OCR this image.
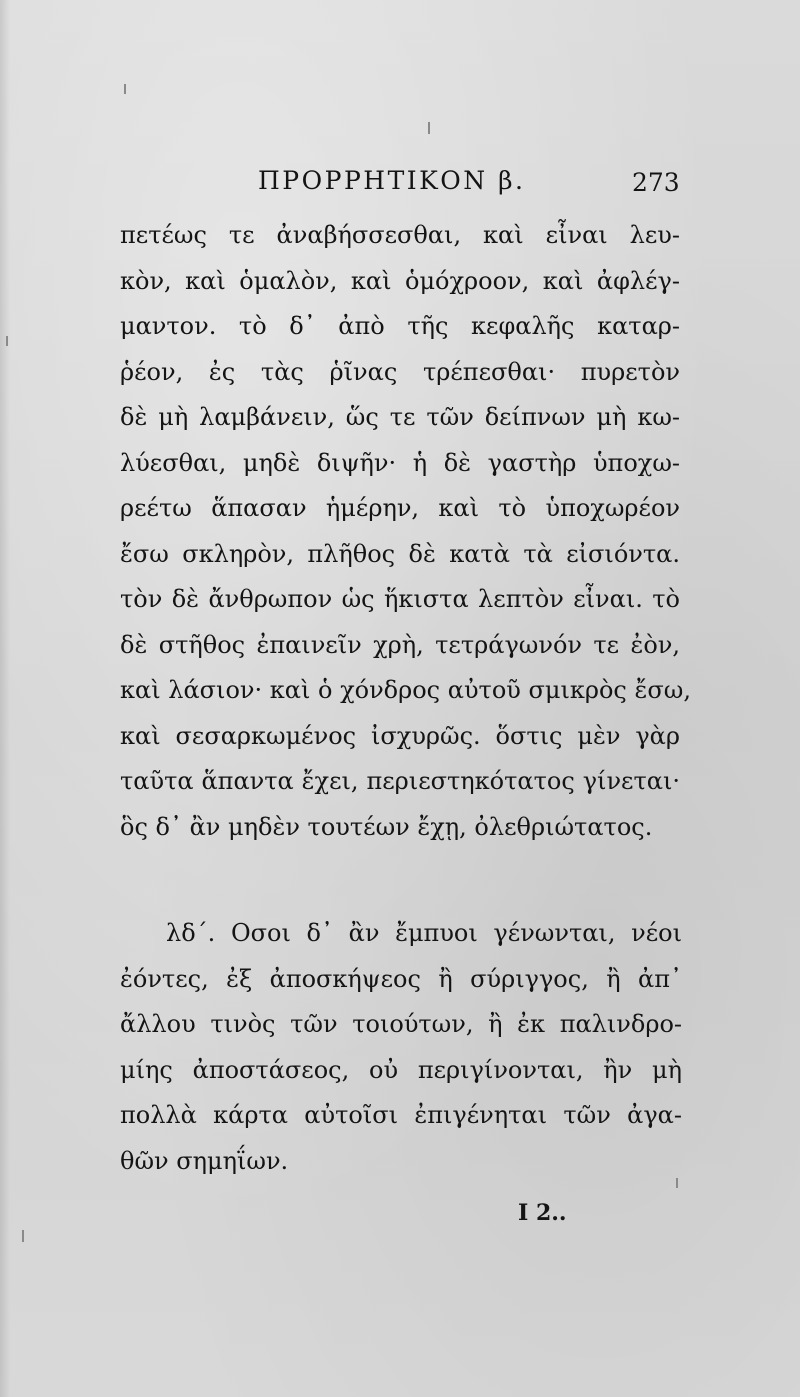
ΠΡΟΡΡΗΤΙΚΟΝ β.	273
πετέως τε ἀναβήσσεσθαι, καὶ εἶναι λευ-
κὸν, καὶ ὁμαλὸν, καὶ ὁμόχροον, καὶ ἀφλέγ-
μαντον. τὸ δ᾽ ἀπὸ τῆς κεφαλῆς καταρ-
ῥέον, ἐς τὰς ῥῖνας τρέπεσθαι· πυρετὸν
δὲ μὴ λαμβάνειν, ὥς τε τῶν δείπνων μὴ κω-
λύεσθαι, μηδὲ διψῆν· ἡ δὲ γαστὴρ ὑποχω-
ρεέτω ἅπασαν ἡμέρην, καὶ τὸ ὑποχωρέον
ἔσω σκληρὸν, πλῆθος δὲ κατὰ τὰ εἰσιόντα.
τὸν δὲ ἄνθρωπον ὡς ἥκιστα λεπτὸν εἶναι. τὸ
δὲ στῆθος ἐπαινεῖν χρὴ, τετράγωνόν τε ἐὸν,
καὶ λάσιον· καὶ ὁ χόνδρος αὐτοῦ σμικρὸς ἔσω,
καὶ σεσαρκωμένος ἰσχυρῶς. ὅστις μὲν γὰρ
ταῦτα ἅπαντα ἔχει, περιεστηκότατος γίνεται·
ὃς δ᾽ ἂν μηδὲν τουτέων ἔχῃ, ὀλεθριώτατος.
λδ΄. Οσοι δ᾽ ἂν ἔμπυοι γένωνται, νέοι
ἐόντες, ἐξ ἀποσκήψεος ἢ σύριγγος, ἢ ἀπ᾽
ἄλλου τινὸς τῶν τοιούτων, ἢ ἐκ παλινδρο-
μίης ἀποστάσεος, οὐ περιγίνονται, ἢν μὴ
πολλὰ κάρτα αὐτοῖσι ἐπιγένηται τῶν ἀγα-
θῶν σημηΐων.
I 2..
